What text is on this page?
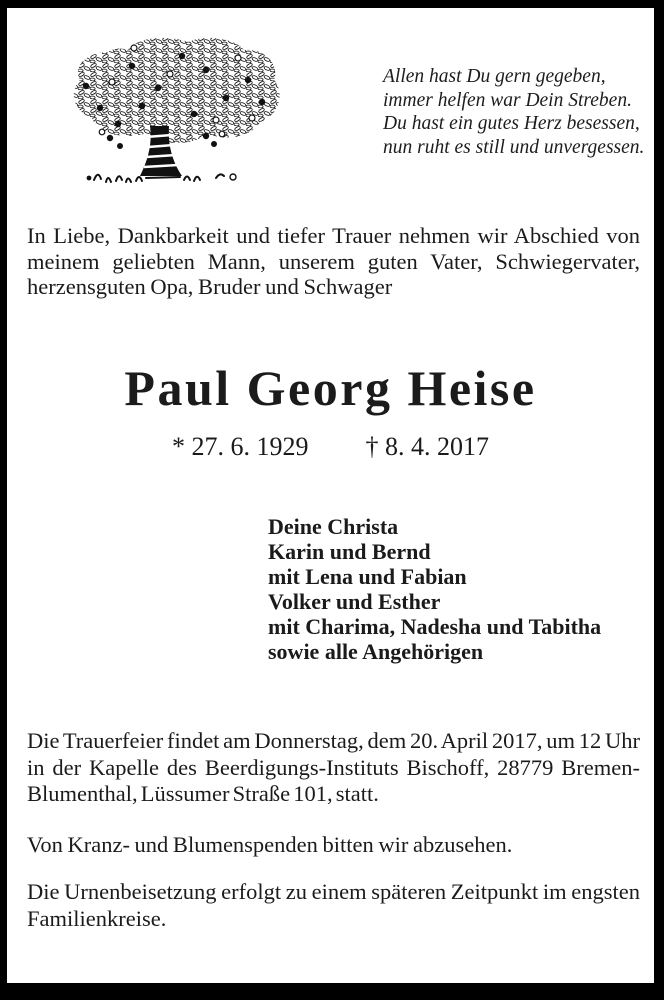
Allen hast Du gern gegeben,
immer helfen war Dein Streben.
Du hast ein gutes Herz besessen,
nun ruht es still und unvergessen.
In Liebe, Dankbarkeit und tiefer Trauer nehmen wir Abschied von meinem geliebten Mann, unserem guten Vater, Schwiegervater, herzensguten Opa, Bruder und Schwager
Paul Georg Heise
* 27. 6. 1929 † 8. 4. 2017
Deine Christa
Karin und Bernd
mit Lena und Fabian
Volker und Esther
mit Charima, Nadesha und Tabitha
sowie alle Angehörigen
Die Trauerfeier findet am Donnerstag, dem 20. April 2017, um 12 Uhr in der Kapelle des Beerdigungs-Instituts Bischoff, 28779 Bremen-Blumenthal, Lüssumer Straße 101, statt.
Von Kranz- und Blumenspenden bitten wir abzusehen.
Die Urnenbeisetzung erfolgt zu einem späteren Zeitpunkt im engsten Familienkreise.
